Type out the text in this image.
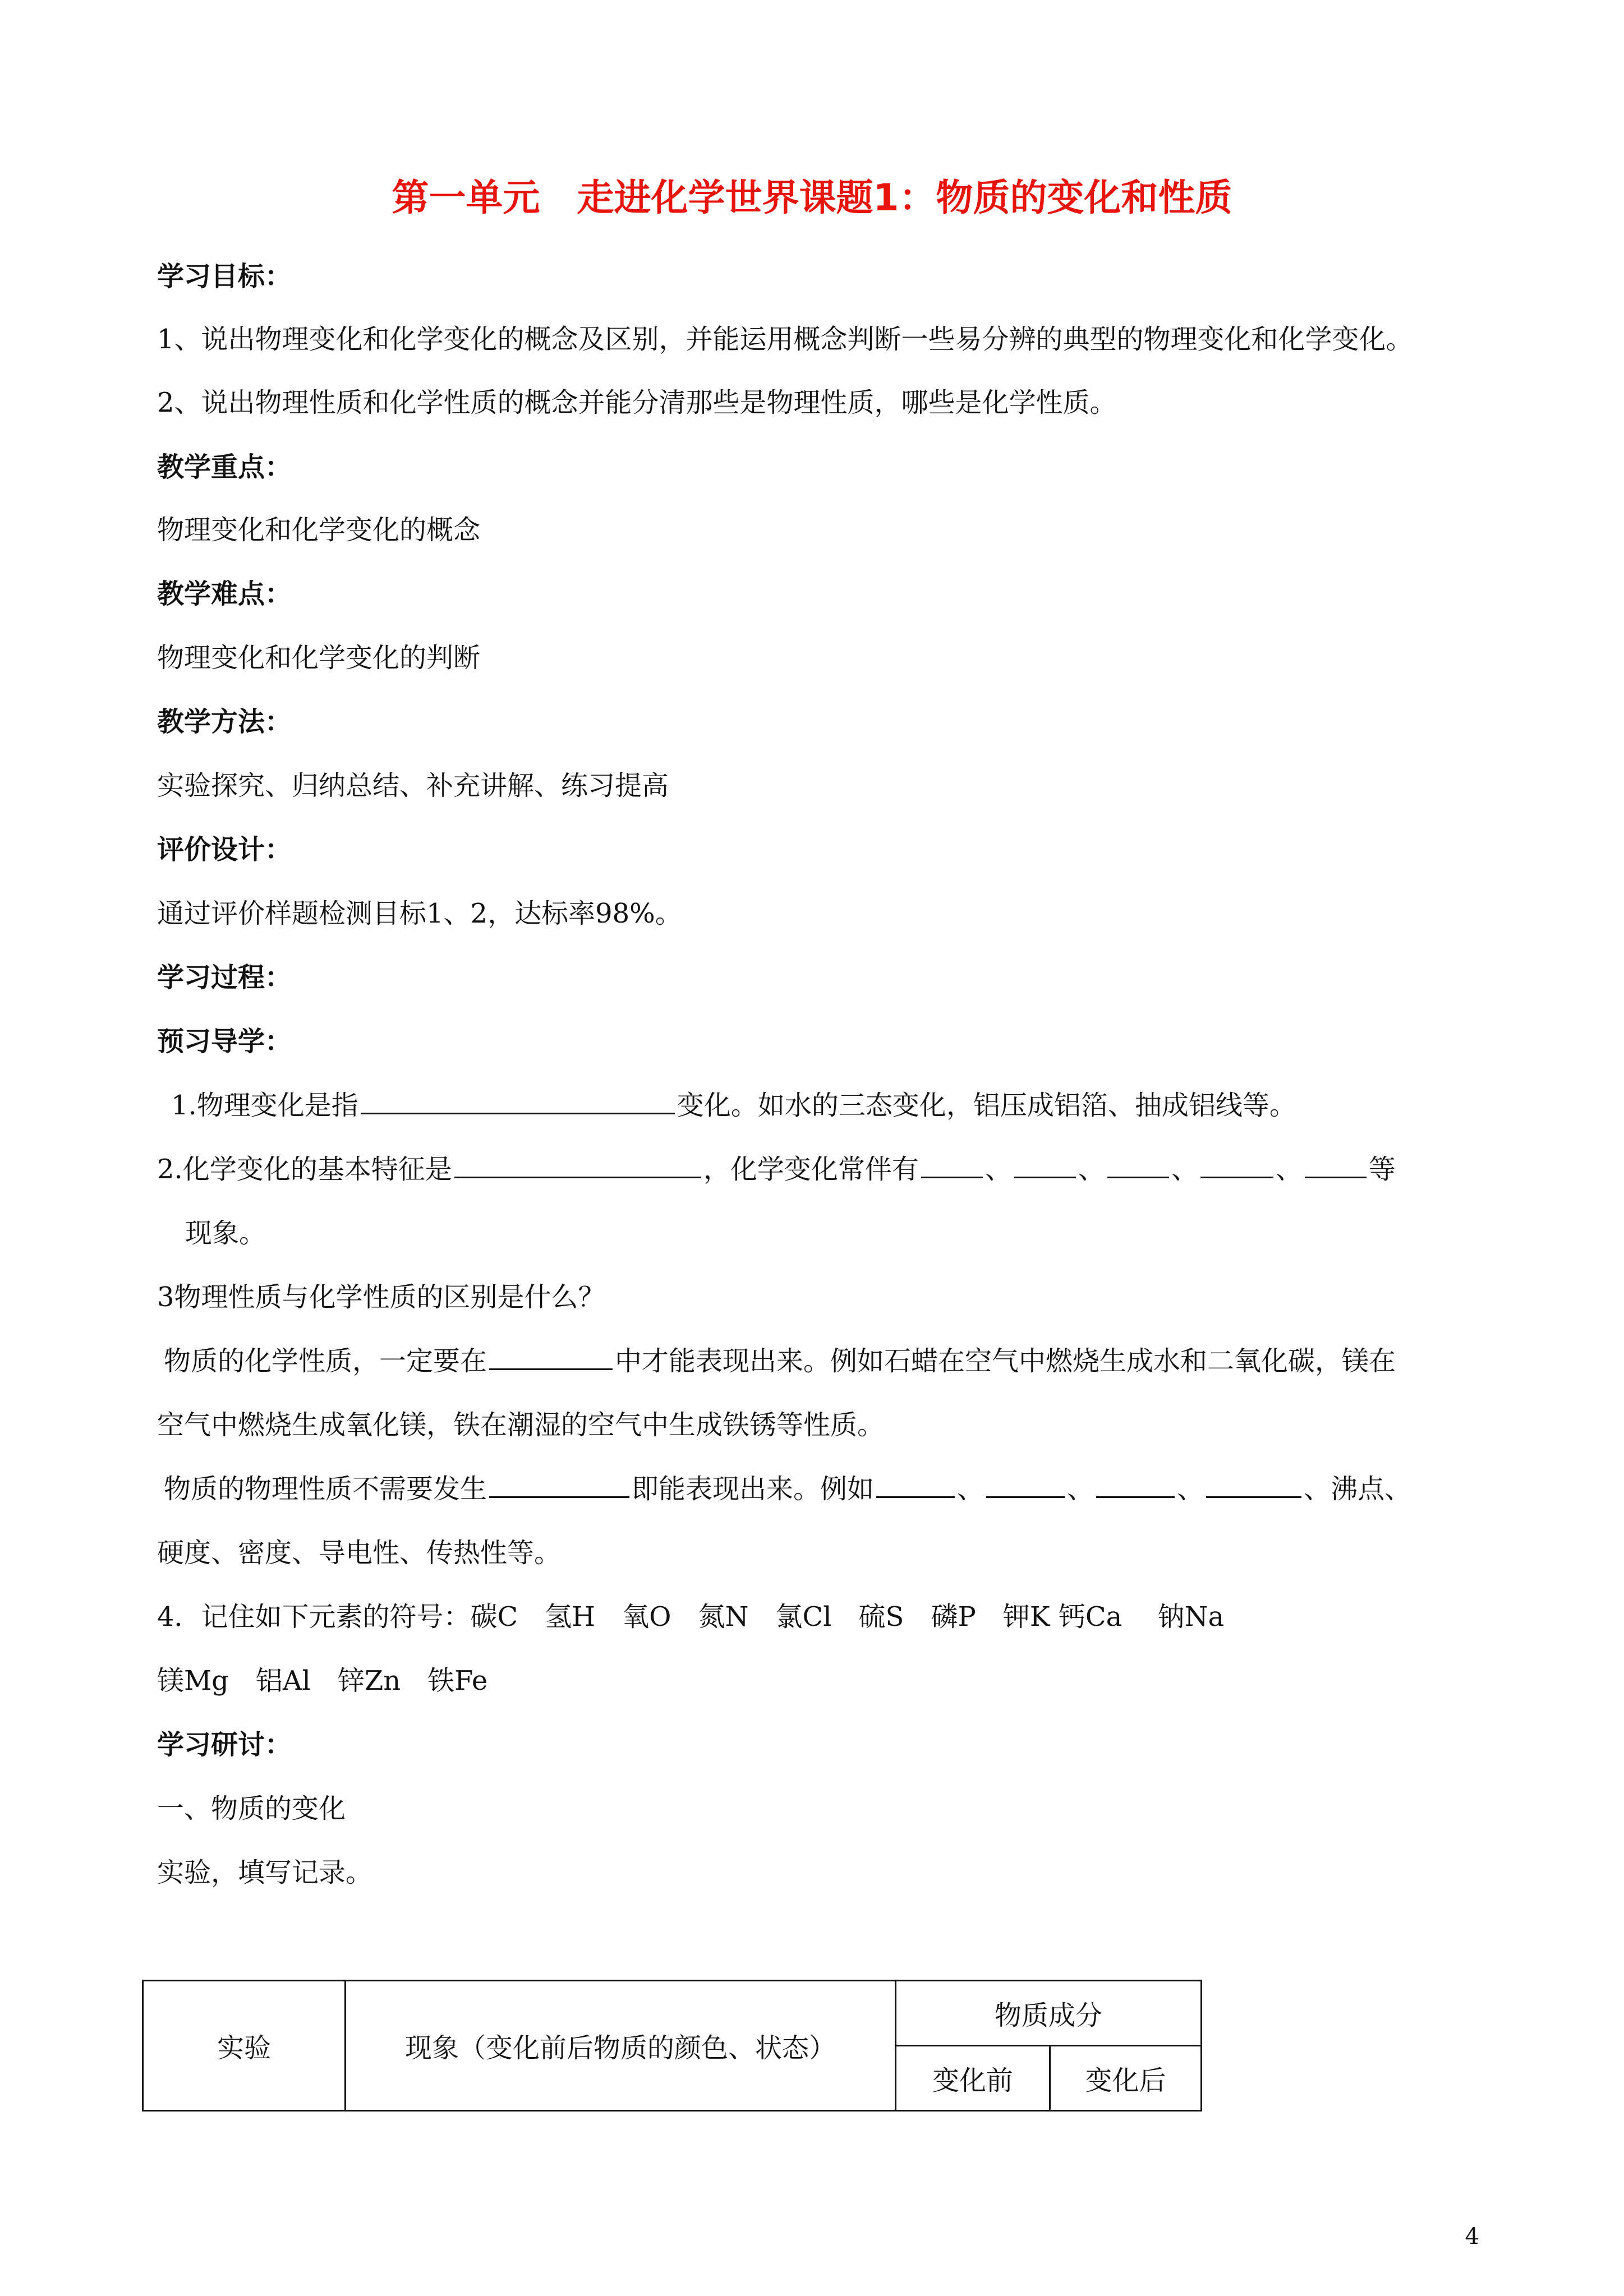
第一单元　走进化学世界课题1：物质的变化和性质
学习目标：
1、说出物理变化和化学变化的概念及区别，并能运用概念判断一些易分辨的典型的物理变化和化学变化。
2、说出物理性质和化学性质的概念并能分清那些是物理性质，哪些是化学性质。
教学重点：
物理变化和化学变化的概念
教学难点：
物理变化和化学变化的判断
教学方法：
实验探究、归纳总结、补充讲解、练习提高
评价设计：
通过评价样题检测目标1、2，达标率98%。
学习过程：
预习导学：
1.物理变化是指	变化。如水的三态变化，铝压成铝箔、抽成铝线等。
2.化学变化的基本特征是	，化学变化常伴有 、 、 、	、 等
现象。
3物理性质与化学性质的区别是什么？
物质的化学性质，一定要在	中才能表现出来。例如石蜡在空气中燃烧生成水和二氧化碳，镁在
空气中燃烧生成氧化镁，铁在潮湿的空气中生成铁锈等性质。
物质的物理性质不需要发生	即能表现出来。例如	、	、	、	、沸点、
硬度、密度、导电性、传热性等。
4．记住如下元素的符号：碳C　氢H　氧O　氮N　氯Cl　硫S　磷P　钾K 钙Ca　 钠Na
镁Mg　铝Al　锌Zn　铁Fe
学习研讨：
一、物质的变化
实验，填写记录。
实验	现象（变化前后物质的颜色、状态）	物质成分	
		变化前	变化后
4
